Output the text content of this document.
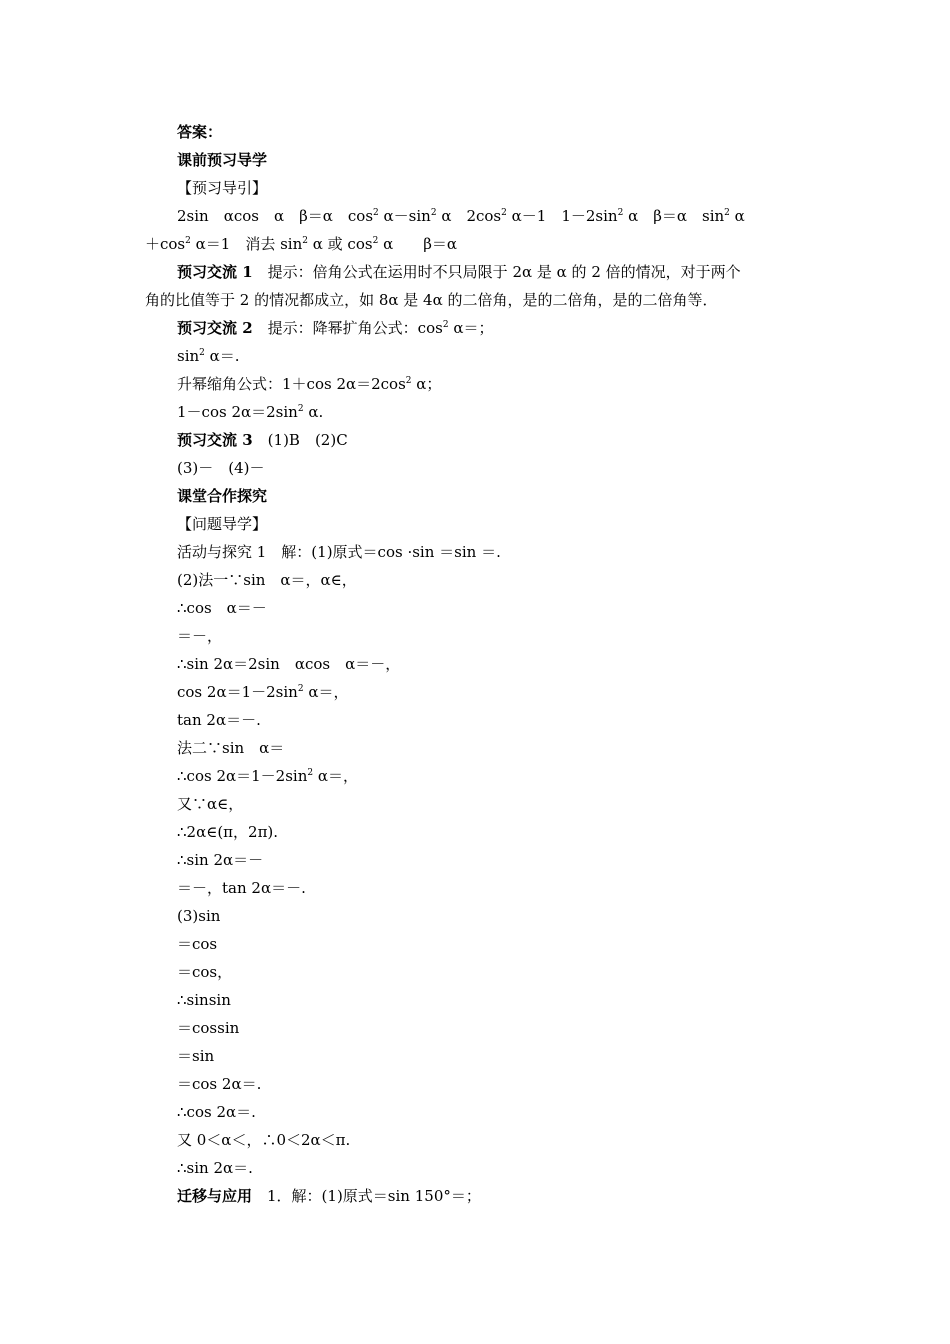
答案：
课前预习导学
【预习导引】
2sin　αcos　α　β＝α　$\cos^2 \alpha-\sin^2$ α　$2\cos^2$ α－1　$1-2\sin^2$ α　β＝α　$\sin^2 \alpha$
$+\cos^2$ α＝1　消去 $\sin^2 \alpha$ 或 $\cos^2 \alpha$　　β＝α
预习交流 1　提示：倍角公式在运用时不只局限于 2α 是 α 的 2 倍的情况，对于两个
角的比值等于 2 的情况都成立，如 8α 是 4α 的二倍角，是的二倍角，是的二倍角等．
预习交流 2　提示：降幂扩角公式：$\cos^2 \alpha=$；
$\sin^2 \alpha=$.
升幂缩角公式：1＋cos $2\alpha=2\cos^2$ α；
1－cos $2\alpha=2\sin^2$ α.
预习交流 3　(1)B　(2)C
(3)－　(4)－
课堂合作探究
【问题导学】
活动与探究 1　解：(1)原式＝cos ·sin ＝sin ＝.
(2)法一∵sin　α＝，α∈，
∴cos　α＝－
＝－，
∴sin 2α＝2sin　αcos　α＝－，
$\cos 2\alpha=1-2\sin^2$ α＝，
tan 2α＝－.
法二∵sin　α＝
∴cos $2\alpha=1-2\sin^2$ α＝，
又∵α∈，
∴2α∈(π，2π).
∴sin 2α＝－
＝－，tan 2α＝－.
(3)sin
＝cos
＝cos，
∴sinsin
＝cossin
＝sin
＝cos 2α＝.
∴cos 2α＝.
又 0＜α＜，∴0＜2α＜π.
∴sin 2α＝.
迁移与应用　1．解：(1)原式＝sin 150°＝；
